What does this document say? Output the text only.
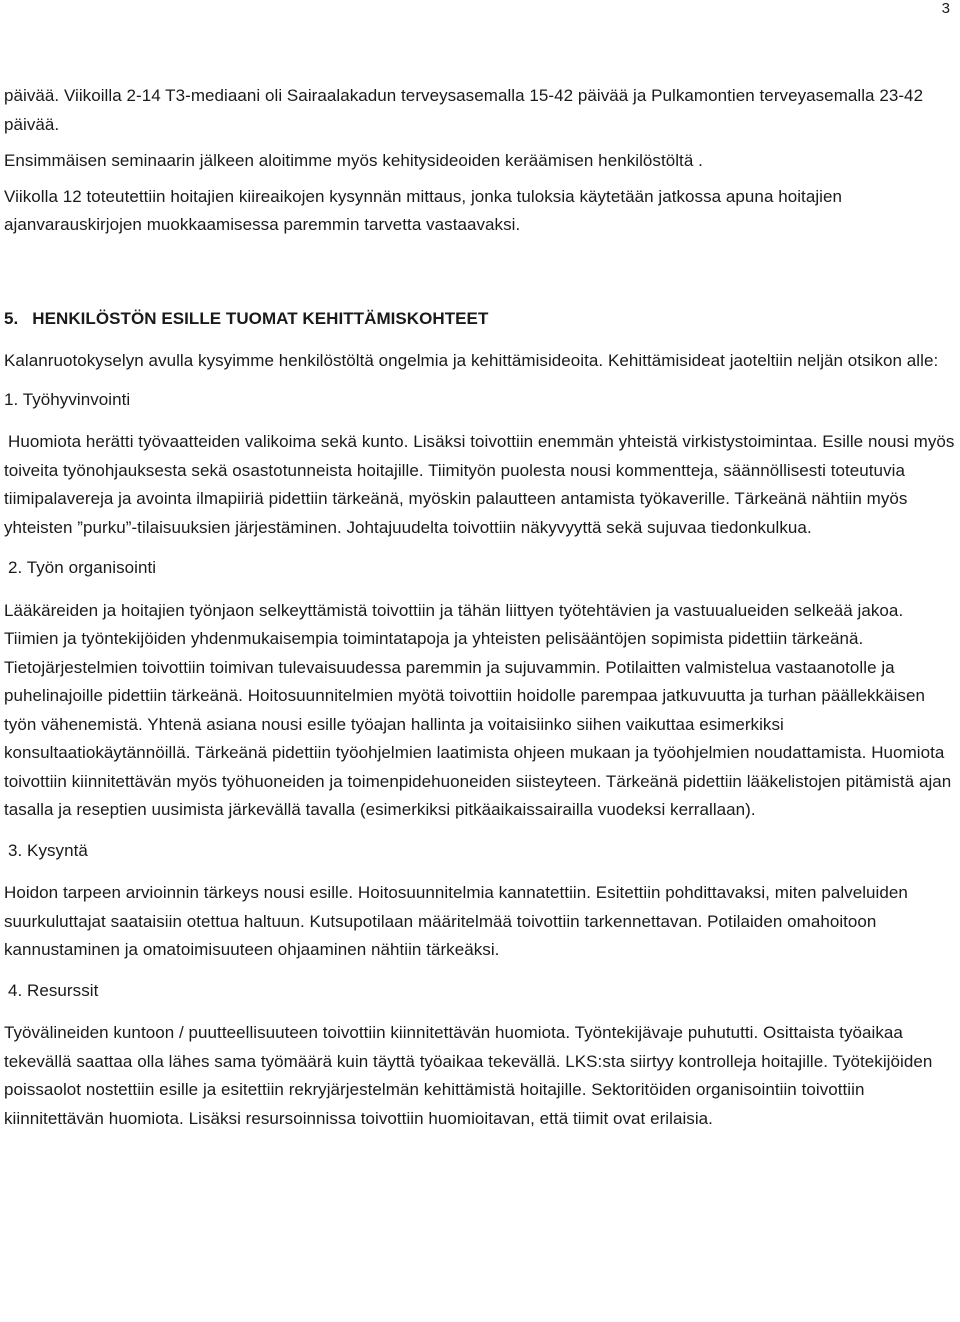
3

päivää. Viikoilla 2-14 T3-mediaani oli Sairaalakadun terveysasemalla 15-42 päivää ja Pulkamontien terveyasemalla 23-42 päivää.

Ensimmäisen seminaarin jälkeen aloitimme myös kehitysideoiden keräämisen henkilöstöltä .

Viikolla 12 toteutettiin hoitajien kiireaikojen kysynnän mittaus, jonka tuloksia käytetään jatkossa apuna hoitajien ajanvarauskirjojen muokkaamisessa paremmin tarvetta vastaavaksi.

5. HENKILÖSTÖN ESILLE TUOMAT KEHITTÄMISKOHTEET

Kalanruotokyselyn avulla kysyimme henkilöstöltä ongelmia ja kehittämisideoita. Kehittämisideat jaoteltiin neljän otsikon alle:

1. Työhyvinvointi

Huomiota herätti työvaatteiden valikoima sekä kunto. Lisäksi toivottiin enemmän yhteistä virkistystoimintaa. Esille nousi myös toiveita työnohjauksesta sekä osastotunneista hoitajille. Tiimityön puolesta nousi kommentteja, säännöllisesti toteutuvia tiimipalavereja ja avointa ilmapiiriä pidettiin tärkeänä, myöskin palautteen antamista työkaverille. Tärkeänä nähtiin myös yhteisten ”purku”-tilaisuuksien järjestäminen. Johtajuudelta toivottiin näkyvyyttä sekä sujuvaa tiedonkulkua.

2. Työn organisointi

Lääkäreiden ja hoitajien työnjaon selkeyttämistä toivottiin ja tähän liittyen työtehtävien ja vastuualueiden selkeää jakoa. Tiimien ja työntekijöiden yhdenmukaisempia toimintatapoja ja yhteisten pelisääntöjen sopimista pidettiin tärkeänä. Tietojärjestelmien toivottiin toimivan tulevaisuudessa paremmin ja sujuvammin. Potilaitten valmistelua vastaanotolle ja puhelinajoille pidettiin tärkeänä. Hoitosuunnitelmien myötä toivottiin hoidolle parempaa jatkuvuutta ja turhan päällekkäisen työn vähenemistä. Yhtenä asiana nousi esille työajan hallinta ja voitaisiinko siihen vaikuttaa esimerkiksi konsultaatiokäytännöillä. Tärkeänä pidettiin työohjelmien laatimista ohjeen mukaan ja työohjelmien noudattamista. Huomiota toivottiin kiinnitettävän myös työhuoneiden ja toimenpidehuoneiden siisteyteen. Tärkeänä pidettiin lääkelistojen pitämistä ajan tasalla ja reseptien uusimista järkevällä tavalla (esimerkiksi pitkäaikaissairailla vuodeksi kerrallaan).

3. Kysyntä

Hoidon tarpeen arvioinnin tärkeys nousi esille. Hoitosuunnitelmia kannatettiin. Esitettiin pohdittavaksi, miten palveluiden suurkuluttajat saataisiin otettua haltuun. Kutsupotilaan määritelmää toivottiin tarkennettavan. Potilaiden omahoitoon kannustaminen ja omatoimisuuteen ohjaaminen nähtiin tärkeäksi.

4. Resurssit

Työvälineiden kuntoon / puutteellisuuteen toivottiin kiinnitettävän huomiota. Työntekijävaje puhututti. Osittaista työaikaa tekevällä saattaa olla lähes sama työmäärä kuin täyttä työaikaa tekevällä. LKS:sta siirtyy kontrolleja hoitajille. Työtekijöiden poissaolot nostettiin esille ja esitettiin rekryjärjestelmän kehittämistä hoitajille. Sektoritöiden organisointiin toivottiin kiinnitettävän huomiota. Lisäksi resursoinnissa toivottiin huomioitavan, että tiimit ovat erilaisia.
